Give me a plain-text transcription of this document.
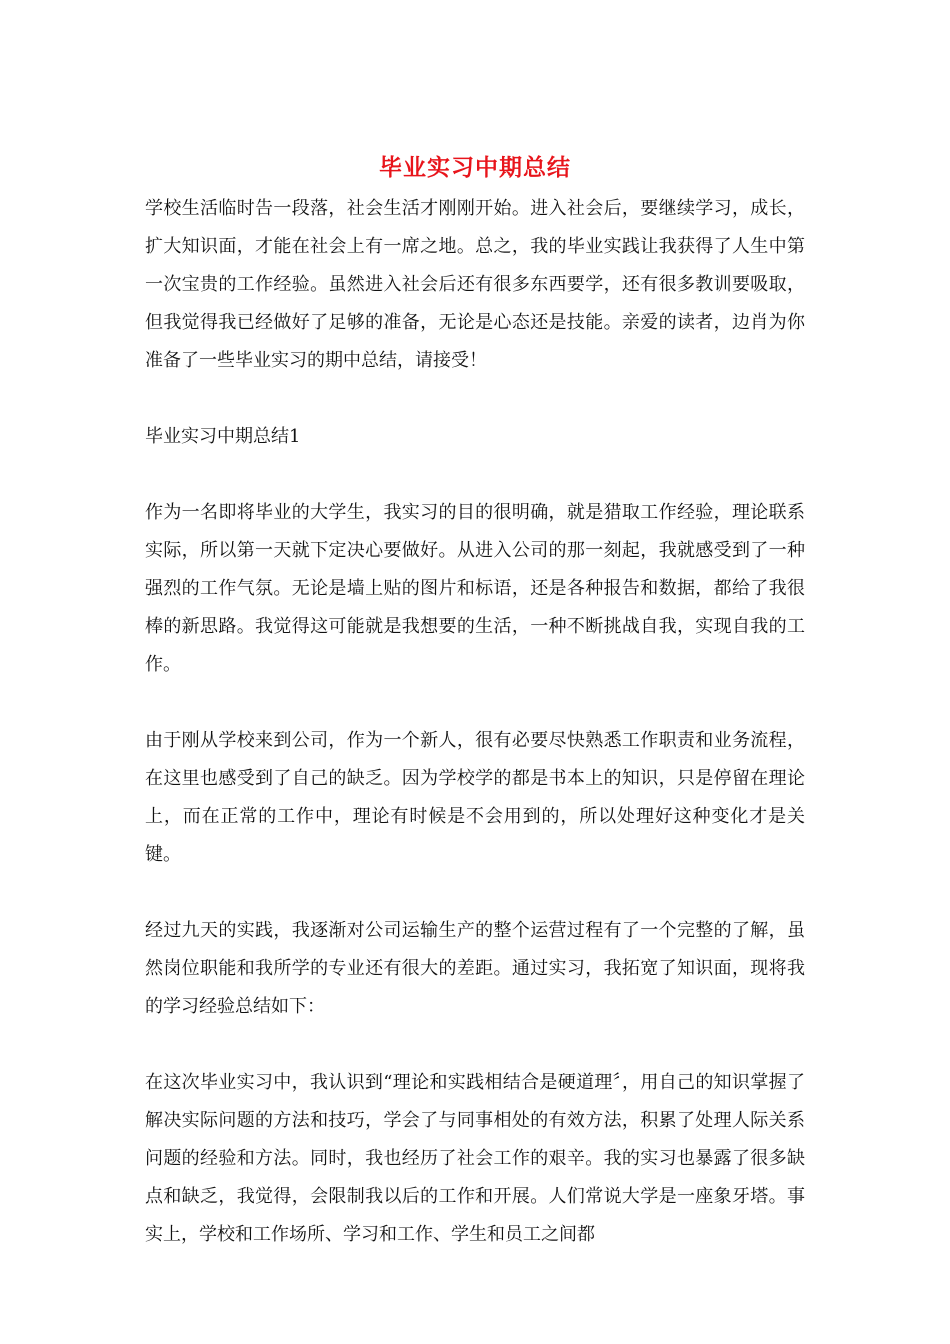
毕业实习中期总结

学校生活临时告一段落，社会生活才刚刚开始。进入社会后，要继续学习，成长，扩大知识面，才能在社会上有一席之地。总之，我的毕业实践让我获得了人生中第一次宝贵的工作经验。虽然进入社会后还有很多东西要学，还有很多教训要吸取，但我觉得我已经做好了足够的准备，无论是心态还是技能。亲爱的读者，边肖为你准备了一些毕业实习的期中总结，请接受！

毕业实习中期总结1

作为一名即将毕业的大学生，我实习的目的很明确，就是猎取工作经验，理论联系实际，所以第一天就下定决心要做好。从进入公司的那一刻起，我就感受到了一种强烈的工作气氛。无论是墙上贴的图片和标语，还是各种报告和数据，都给了我很棒的新思路。我觉得这可能就是我想要的生活，一种不断挑战自我，实现自我的工作。

由于刚从学校来到公司，作为一个新人，很有必要尽快熟悉工作职责和业务流程，在这里也感受到了自己的缺乏。因为学校学的都是书本上的知识，只是停留在理论上，而在正常的工作中，理论有时候是不会用到的，所以处理好这种变化才是关键。

经过九天的实践，我逐渐对公司运输生产的整个运营过程有了一个完整的了解，虽然岗位职能和我所学的专业还有很大的差距。通过实习，我拓宽了知识面，现将我的学习经验总结如下：

在这次毕业实习中，我认识到“理论和实践相结合是硬道理〞，用自己的知识掌握了解决实际问题的方法和技巧，学会了与同事相处的有效方法，积累了处理人际关系问题的经验和方法。同时，我也经历了社会工作的艰辛。我的实习也暴露了很多缺点和缺乏，我觉得，会限制我以后的工作和开展。人们常说大学是一座象牙塔。事实上，学校和工作场所、学习和工作、学生和员工之间都
